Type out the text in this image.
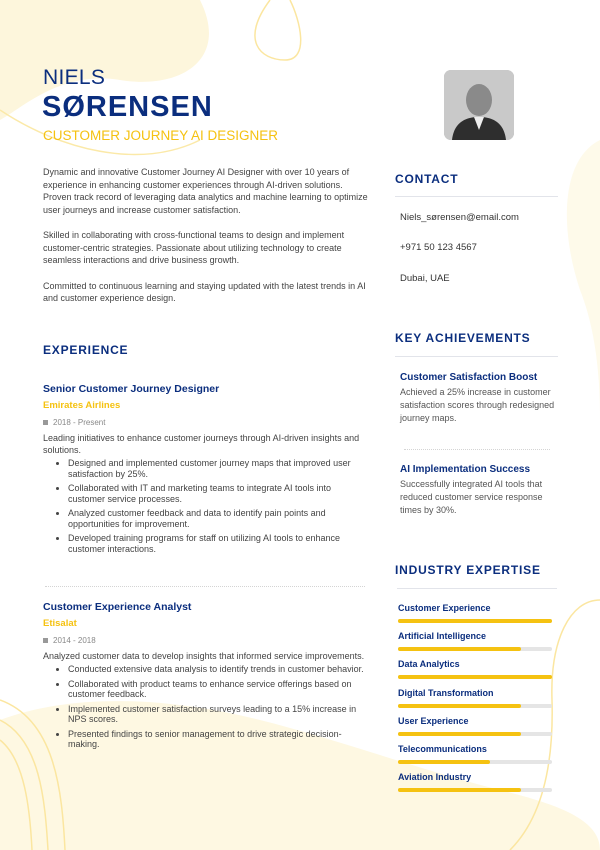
NIELS
SØRENSEN
CUSTOMER JOURNEY AI DESIGNER

Dynamic and innovative Customer Journey AI Designer with over 10 years of experience in enhancing customer experiences through AI-driven solutions. Proven track record of leveraging data analytics and machine learning to optimize user journeys and increase customer satisfaction.

Skilled in collaborating with cross-functional teams to design and implement customer-centric strategies. Passionate about utilizing technology to create seamless interactions and drive business growth.

Committed to continuous learning and staying updated with the latest trends in AI and customer experience design.

CONTACT
Niels_sørensen@email.com
+971 50 123 4567
Dubai, UAE
KEY ACHIEVEMENTS
Customer Satisfaction Boost
Achieved a 25% increase in customer satisfaction scores through redesigned journey maps.
AI Implementation Success
Successfully integrated AI tools that reduced customer service response times by 30%.
INDUSTRY EXPERTISE
Customer Experience
Artificial Intelligence
Data Analytics
Digital Transformation
User Experience
Telecommunications
Aviation Industry
EXPERIENCE
Senior Customer Journey Designer
Emirates Airlines
2018 - Present
Leading initiatives to enhance customer journeys through AI-driven insights and solutions.
Designed and implemented customer journey maps that improved user satisfaction by 25%.
Collaborated with IT and marketing teams to integrate AI tools into customer service processes.
Analyzed customer feedback and data to identify pain points and opportunities for improvement.
Developed training programs for staff on utilizing AI tools to enhance customer interactions.
Customer Experience Analyst
Etisalat
2014 - 2018
Analyzed customer data to develop insights that informed service improvements.
Conducted extensive data analysis to identify trends in customer behavior.
Collaborated with product teams to enhance service offerings based on customer feedback.
Implemented customer satisfaction surveys leading to a 15% increase in NPS scores.
Presented findings to senior management to drive strategic decision-making.
